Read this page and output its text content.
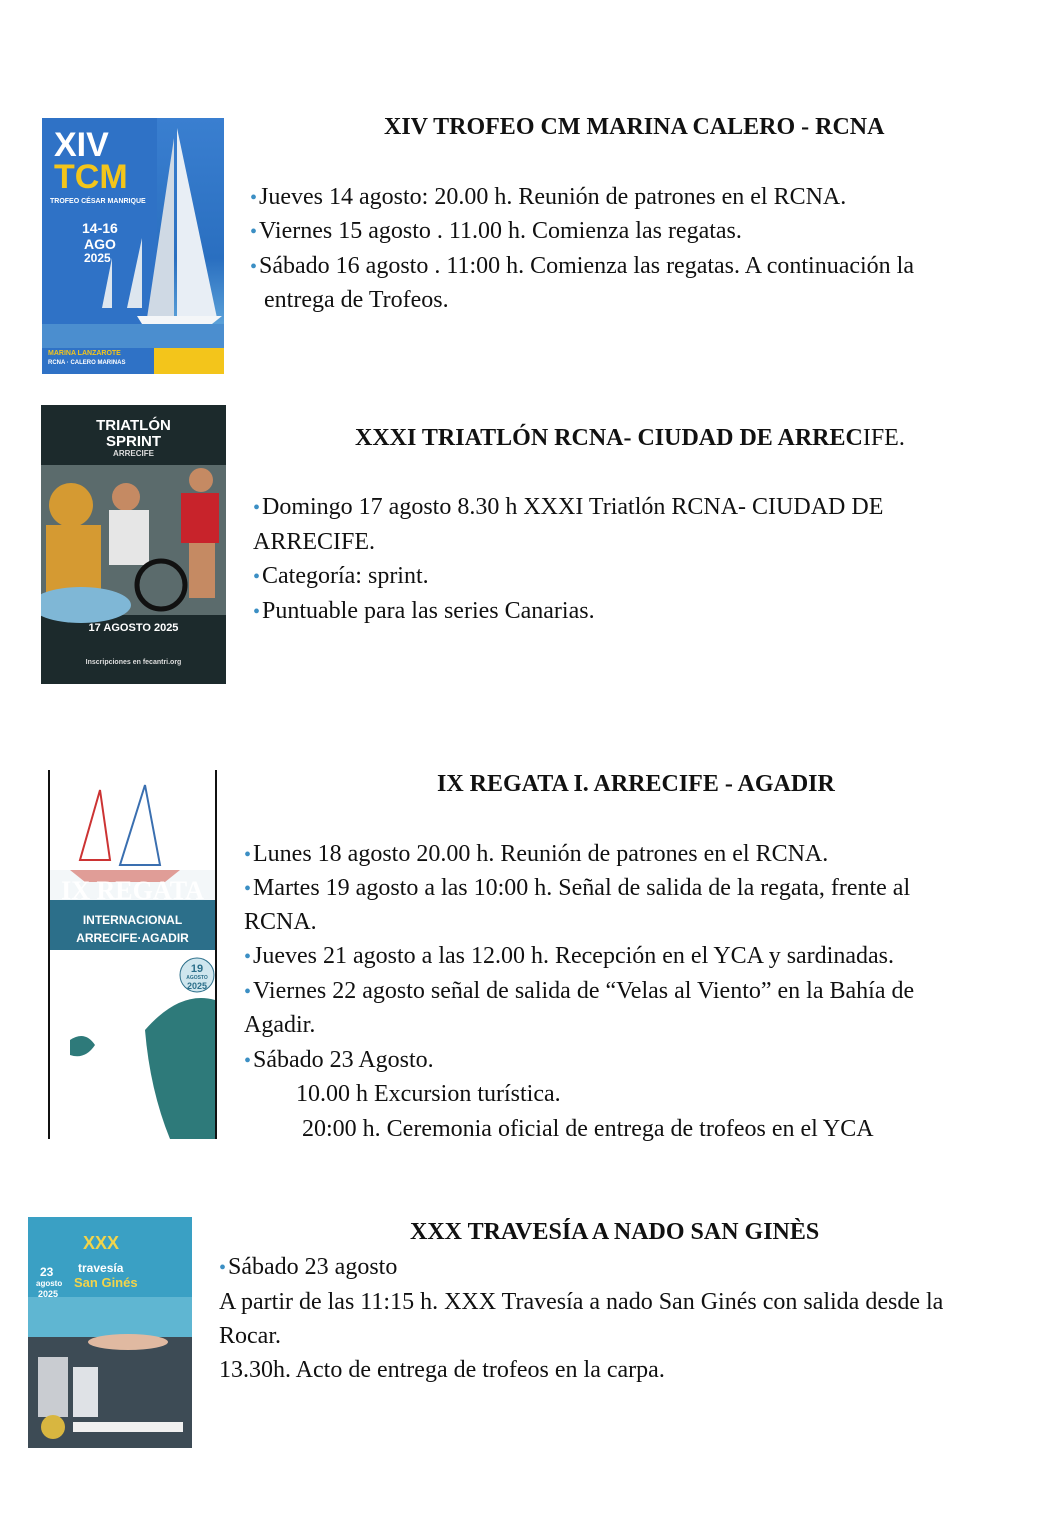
XIV
TCM
TROFEO CÉSAR MANRIQUE
14-16
AGO
2025
MARINA LANZAROTE
RCNA · CALERO MARINAS
XIV TROFEO CM MARINA CALERO - RCNA
•Jueves 14 agosto: 20.00 h. Reunión de patrones en el RCNA.
•Viernes 15 agosto . 11.00 h. Comienza las regatas.
•Sábado 16 agosto . 11:00 h. Comienza las regatas. A continuación la
entrega de Trofeos.
TRIATLÓN
SPRINT
ARRECIFE
17 AGOSTO 2025
Inscripciones en fecantri.org
XXXI TRIATLÓN RCNA- CIUDAD DE ARRECIFE.
•Domingo 17 agosto 8.30 h XXXI Triatlón RCNA- CIUDAD DE
ARRECIFE.
•Categoría: sprint.
•Puntuable para las series Canarias.
IX REGATA
INTERNACIONAL
ARRECIFE·AGADIR
19
AGOSTO
2025
IX REGATA I. ARRECIFE - AGADIR
•Lunes 18 agosto 20.00 h. Reunión de patrones en el RCNA.
•Martes 19 agosto a las 10:00 h. Señal de salida de la regata, frente al
RCNA.
•Jueves 21 agosto a las 12.00 h. Recepción en el YCA y sardinadas.
•Viernes 22 agosto señal de salida de “Velas al Viento” en la Bahía de
Agadir.
•Sábado 23 Agosto.
10.00 h Excursion turística.
20:00 h. Ceremonia oficial de entrega de trofeos en el YCA
XXX
travesía
San Ginés
23
agosto
2025
XXX TRAVESÍA A NADO SAN GINÈS
•Sábado 23 agosto
A partir de las 11:15 h. XXX Travesía a nado San Ginés con salida desde la
Rocar.
13.30h. Acto de entrega de trofeos en la carpa.
